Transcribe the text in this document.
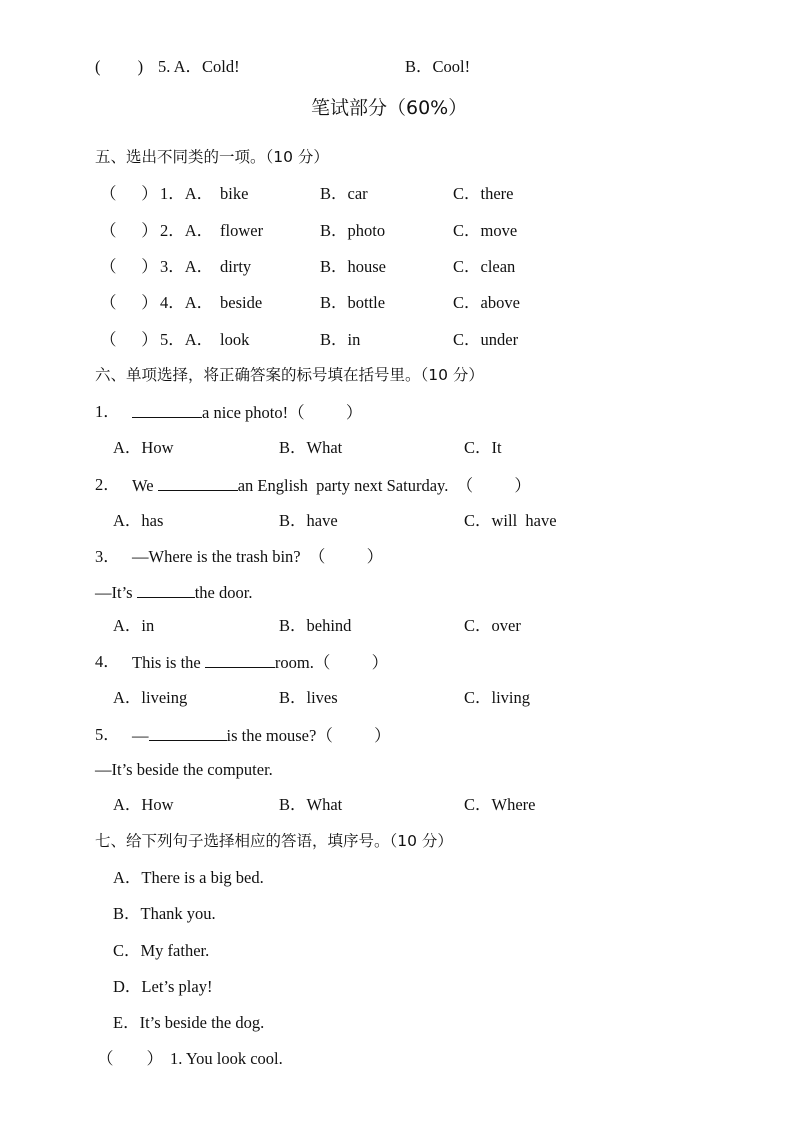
(         ) 5. A．Cold!	B．Cool!
笔试部分（60%）
五、选出不同类的一项。（10 分）
（      ） 1．A． bike	B．car	C．there
（      ） 2．A． flower	B．photo	C．move
（      ） 3．A． dirty	B．house	C．clean
（      ） 4．A． beside	B．bottle	C．above
（      ） 5．A． look	B．in	C．under
六、单项选择，将正确答案的标号填在括号里。（10 分）
1．	a nice photo!（          ）
A．How	B．What	C．It
2． We	an English  party next Saturday.  （          ）
A．has	B．have	C．will  have
3． —Where is the trash bin?  （          ）
—It’s	the door.
A．in	B．behind	C．over
4． This is the	room.（          ）
A．liveing	B．lives	C．living
5． —	is the mouse?（          ）
—It’s beside the computer.
A．How	B．What	C．Where
七、给下列句子选择相应的答语，填序号。（10 分）
A．There is a big bed.
B．Thank you.
C．My father.
D．Let’s play!
E．It’s beside the dog.
（        ） 1. You look cool.
